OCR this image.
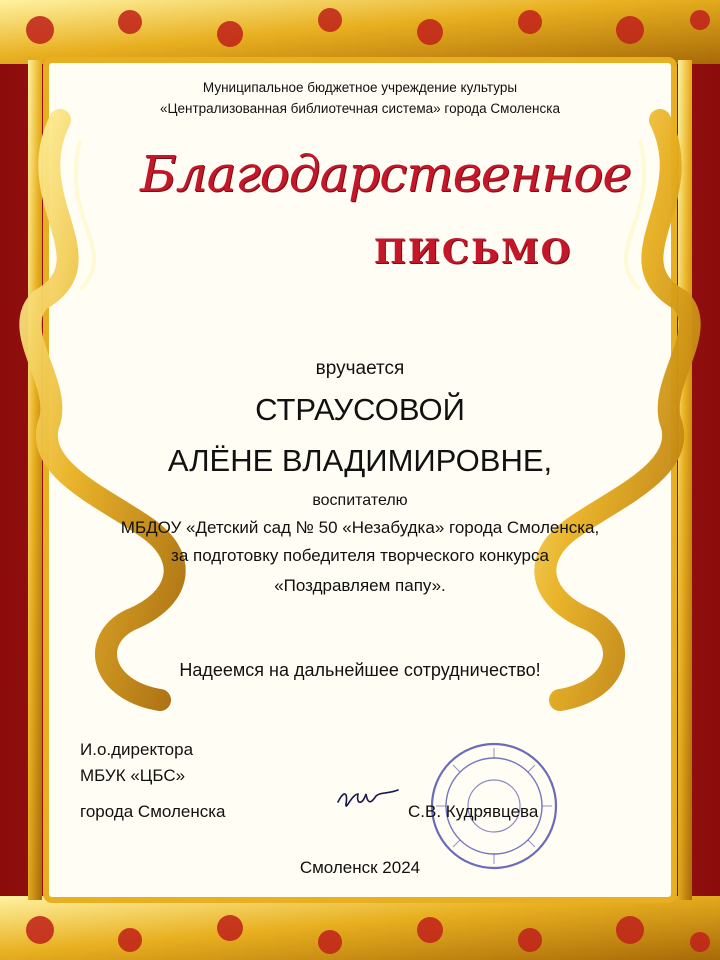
Муниципальное бюджетное учреждение культуры
«Централизованная библиотечная система» города Смоленска
Благодарственное
ПИСЬМО
вручается
СТРАУСОВОЙ
АЛЁНЕ ВЛАДИМИРОВНЕ,
воспитателю
МБДОУ «Детский сад № 50 «Незабудка» города Смоленска,
за подготовку победителя творческого конкурса
«Поздравляем папу».
Надеемся на дальнейшее сотрудничество!
И.о.директора
МБУК «ЦБС»
города Смоленска	С.В. Кудрявцева
Смоленск 2024
